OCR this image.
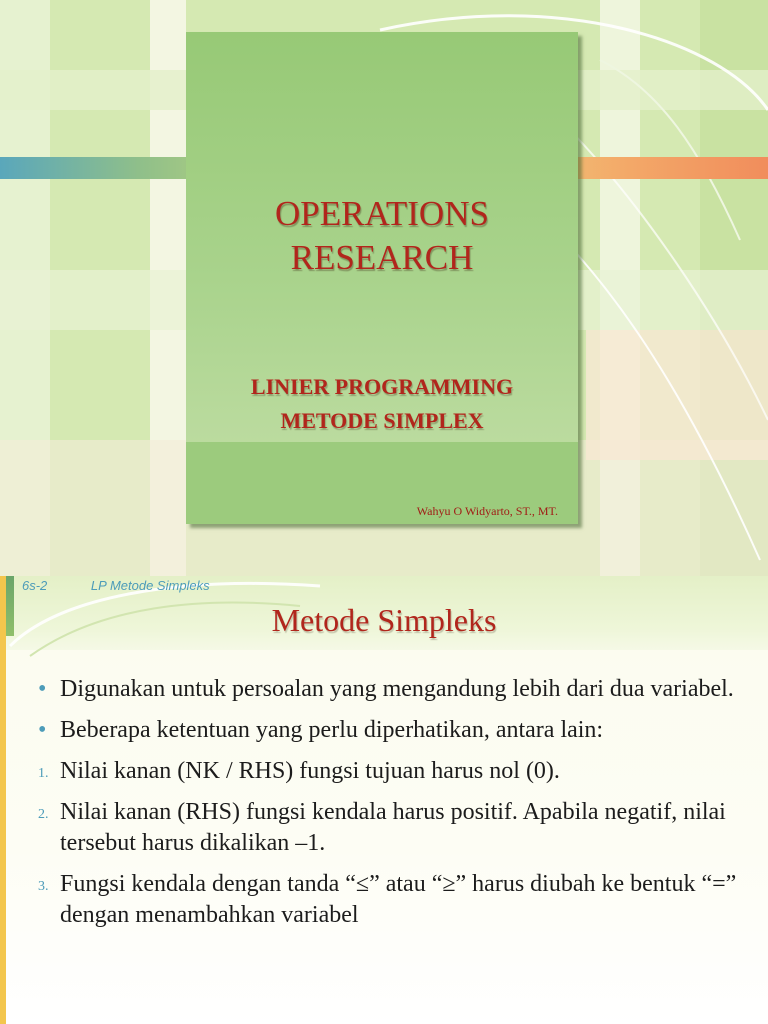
OPERATIONS
RESEARCH
LINIER PROGRAMMING
METODE SIMPLEX
Wahyu O Widyarto, ST., MT.
6s-2	LP Metode Simpleks
Metode Simpleks
• Digunakan untuk persoalan yang mengandung lebih dari dua variabel.
• Beberapa ketentuan yang perlu diperhatikan, antara lain:
1. Nilai kanan (NK / RHS) fungsi tujuan harus nol (0).
2. Nilai kanan (RHS) fungsi kendala harus positif. Apabila negatif, nilai tersebut harus dikalikan –1.
3. Fungsi kendala dengan tanda “≤” atau “≥” harus diubah ke bentuk “=” dengan menambahkan variabel
